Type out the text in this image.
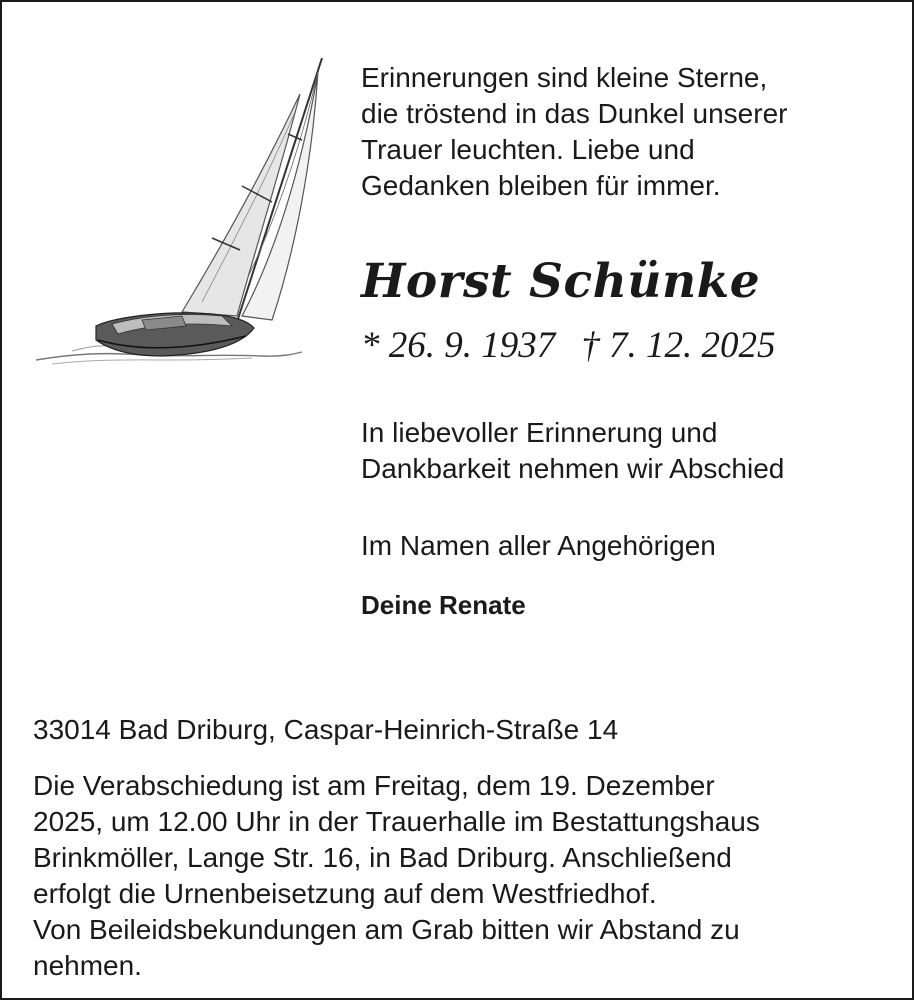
Erinnerungen sind kleine Sterne,
die tröstend in das Dunkel unserer
Trauer leuchten. Liebe und
Gedanken bleiben für immer.

Horst Schünke
* 26. 9. 1937 † 7. 12. 2025
In liebevoller Erinnerung und
Dankbarkeit nehmen wir Abschied
Im Namen aller Angehörigen
Deine Renate
33014 Bad Driburg, Caspar-Heinrich-Straße 14
Die Verabschiedung ist am Freitag, dem 19. Dezember
2025, um 12.00 Uhr in der Trauerhalle im Bestattungshaus
Brinkmöller, Lange Str. 16, in Bad Driburg. Anschließend
erfolgt die Urnenbeisetzung auf dem Westfriedhof.
Von Beileidsbekundungen am Grab bitten wir Abstand zu
nehmen.
